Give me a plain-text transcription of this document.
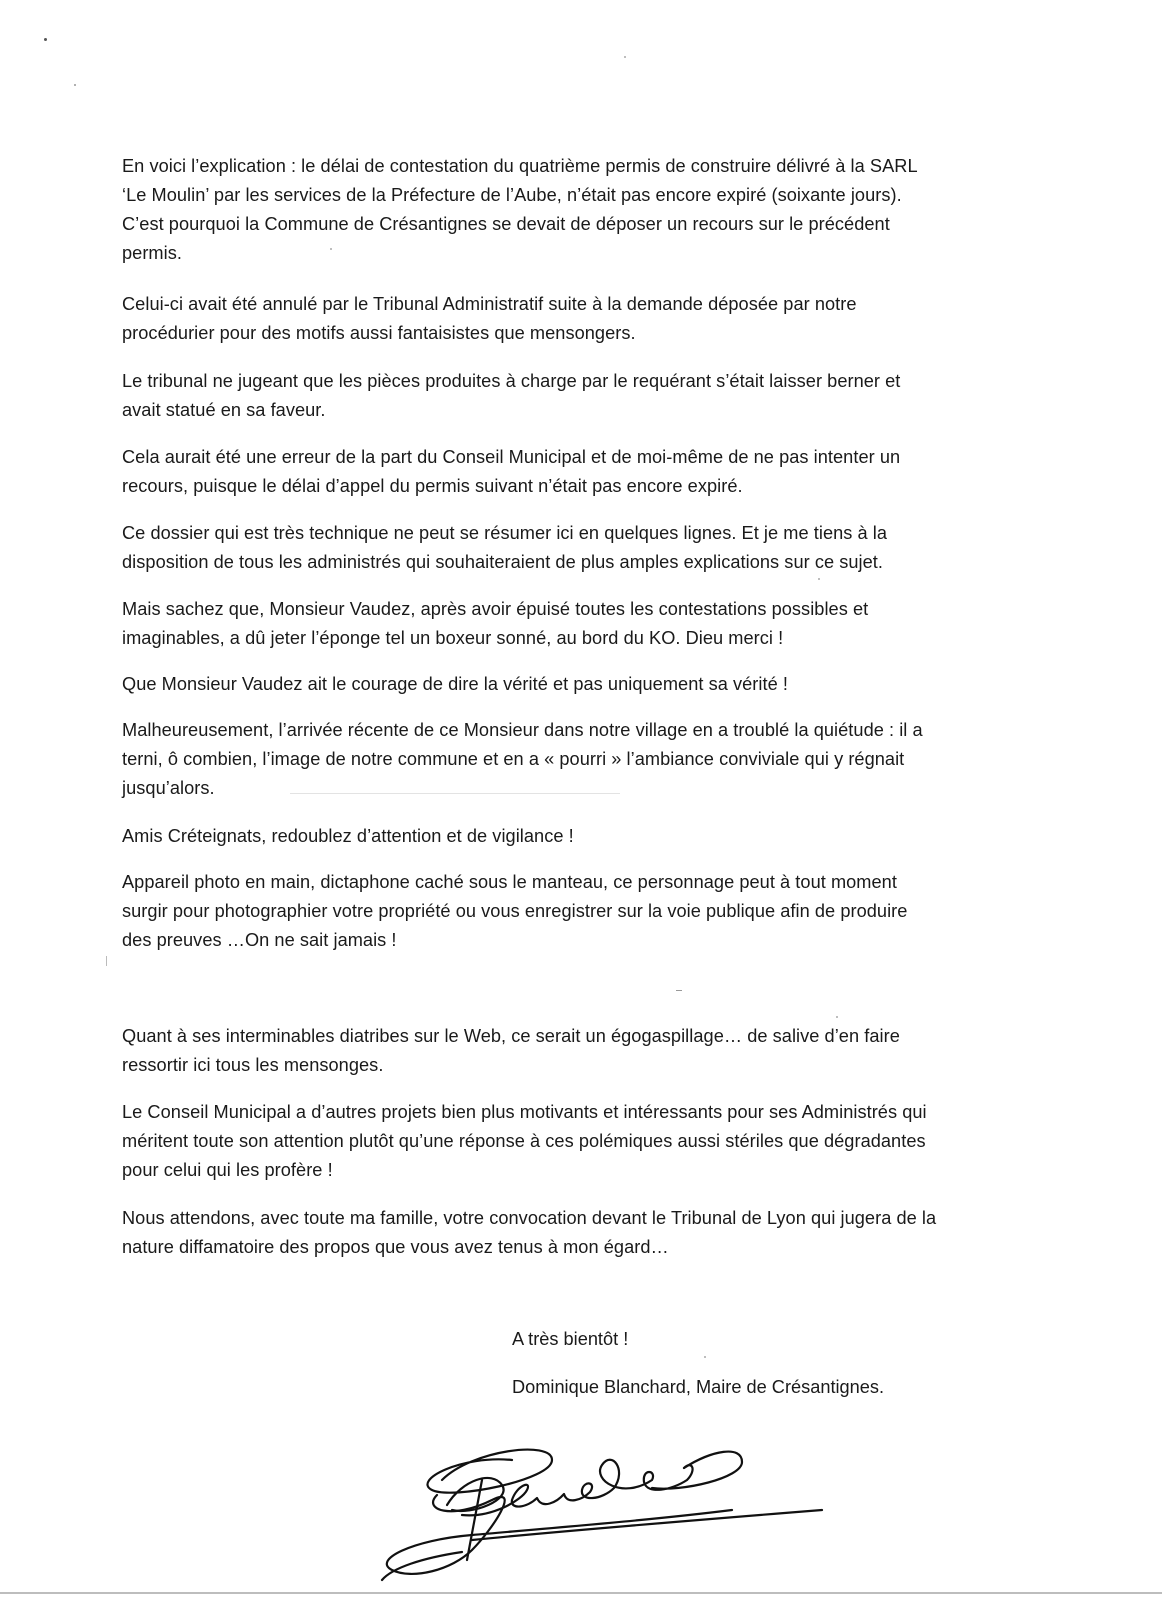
En voici l’explication : le délai de contestation du quatrième permis de construire délivré à la SARL
‘Le Moulin’ par les services de la Préfecture de l’Aube, n’était pas encore expiré (soixante jours).
C’est pourquoi la Commune de Crésantignes se devait de déposer un recours sur le précédent
permis.

Celui-ci avait été annulé par le Tribunal Administratif suite à la demande déposée par notre
procédurier pour des motifs aussi fantaisistes que mensongers.

Le tribunal ne jugeant que les pièces produites à charge par le requérant s’était laisser berner et
avait statué en sa faveur.

Cela aurait été une erreur de la part du Conseil Municipal et de moi-même de ne pas intenter un
recours, puisque le délai d’appel du permis suivant n’était pas encore expiré.

Ce dossier qui est très technique ne peut se résumer ici en quelques lignes. Et je me tiens à la
disposition de tous les administrés qui souhaiteraient de plus amples explications sur ce sujet.

Mais sachez que, Monsieur Vaudez, après avoir épuisé toutes les contestations possibles et
imaginables, a dû jeter l’éponge tel un boxeur sonné, au bord du KO. Dieu merci !

Que Monsieur Vaudez ait le courage de dire la vérité et pas uniquement sa vérité !

Malheureusement, l’arrivée récente de ce Monsieur dans notre village en a troublé la quiétude : il a
terni, ô combien, l’image de notre commune et en a « pourri » l’ambiance conviviale qui y régnait
jusqu’alors.

Amis Créteignats, redoublez d’attention et de vigilance !

Appareil photo en main, dictaphone caché sous le manteau, ce personnage peut à tout moment
surgir pour photographier votre propriété ou vous enregistrer sur la voie publique afin de produire
des preuves …On ne sait jamais !

Quant à ses interminables diatribes sur le Web, ce serait un égogaspillage… de salive d’en faire
ressortir ici tous les mensonges.

Le Conseil Municipal a d’autres projets bien plus motivants et intéressants pour ses Administrés qui
méritent toute son attention plutôt qu’une réponse à ces polémiques aussi stériles que dégradantes
pour celui qui les profère !

Nous attendons, avec toute ma famille, votre convocation devant le Tribunal de Lyon qui jugera de la
nature diffamatoire des propos que vous avez tenus à mon égard…

A très bientôt !

Dominique Blanchard, Maire de Crésantignes.
